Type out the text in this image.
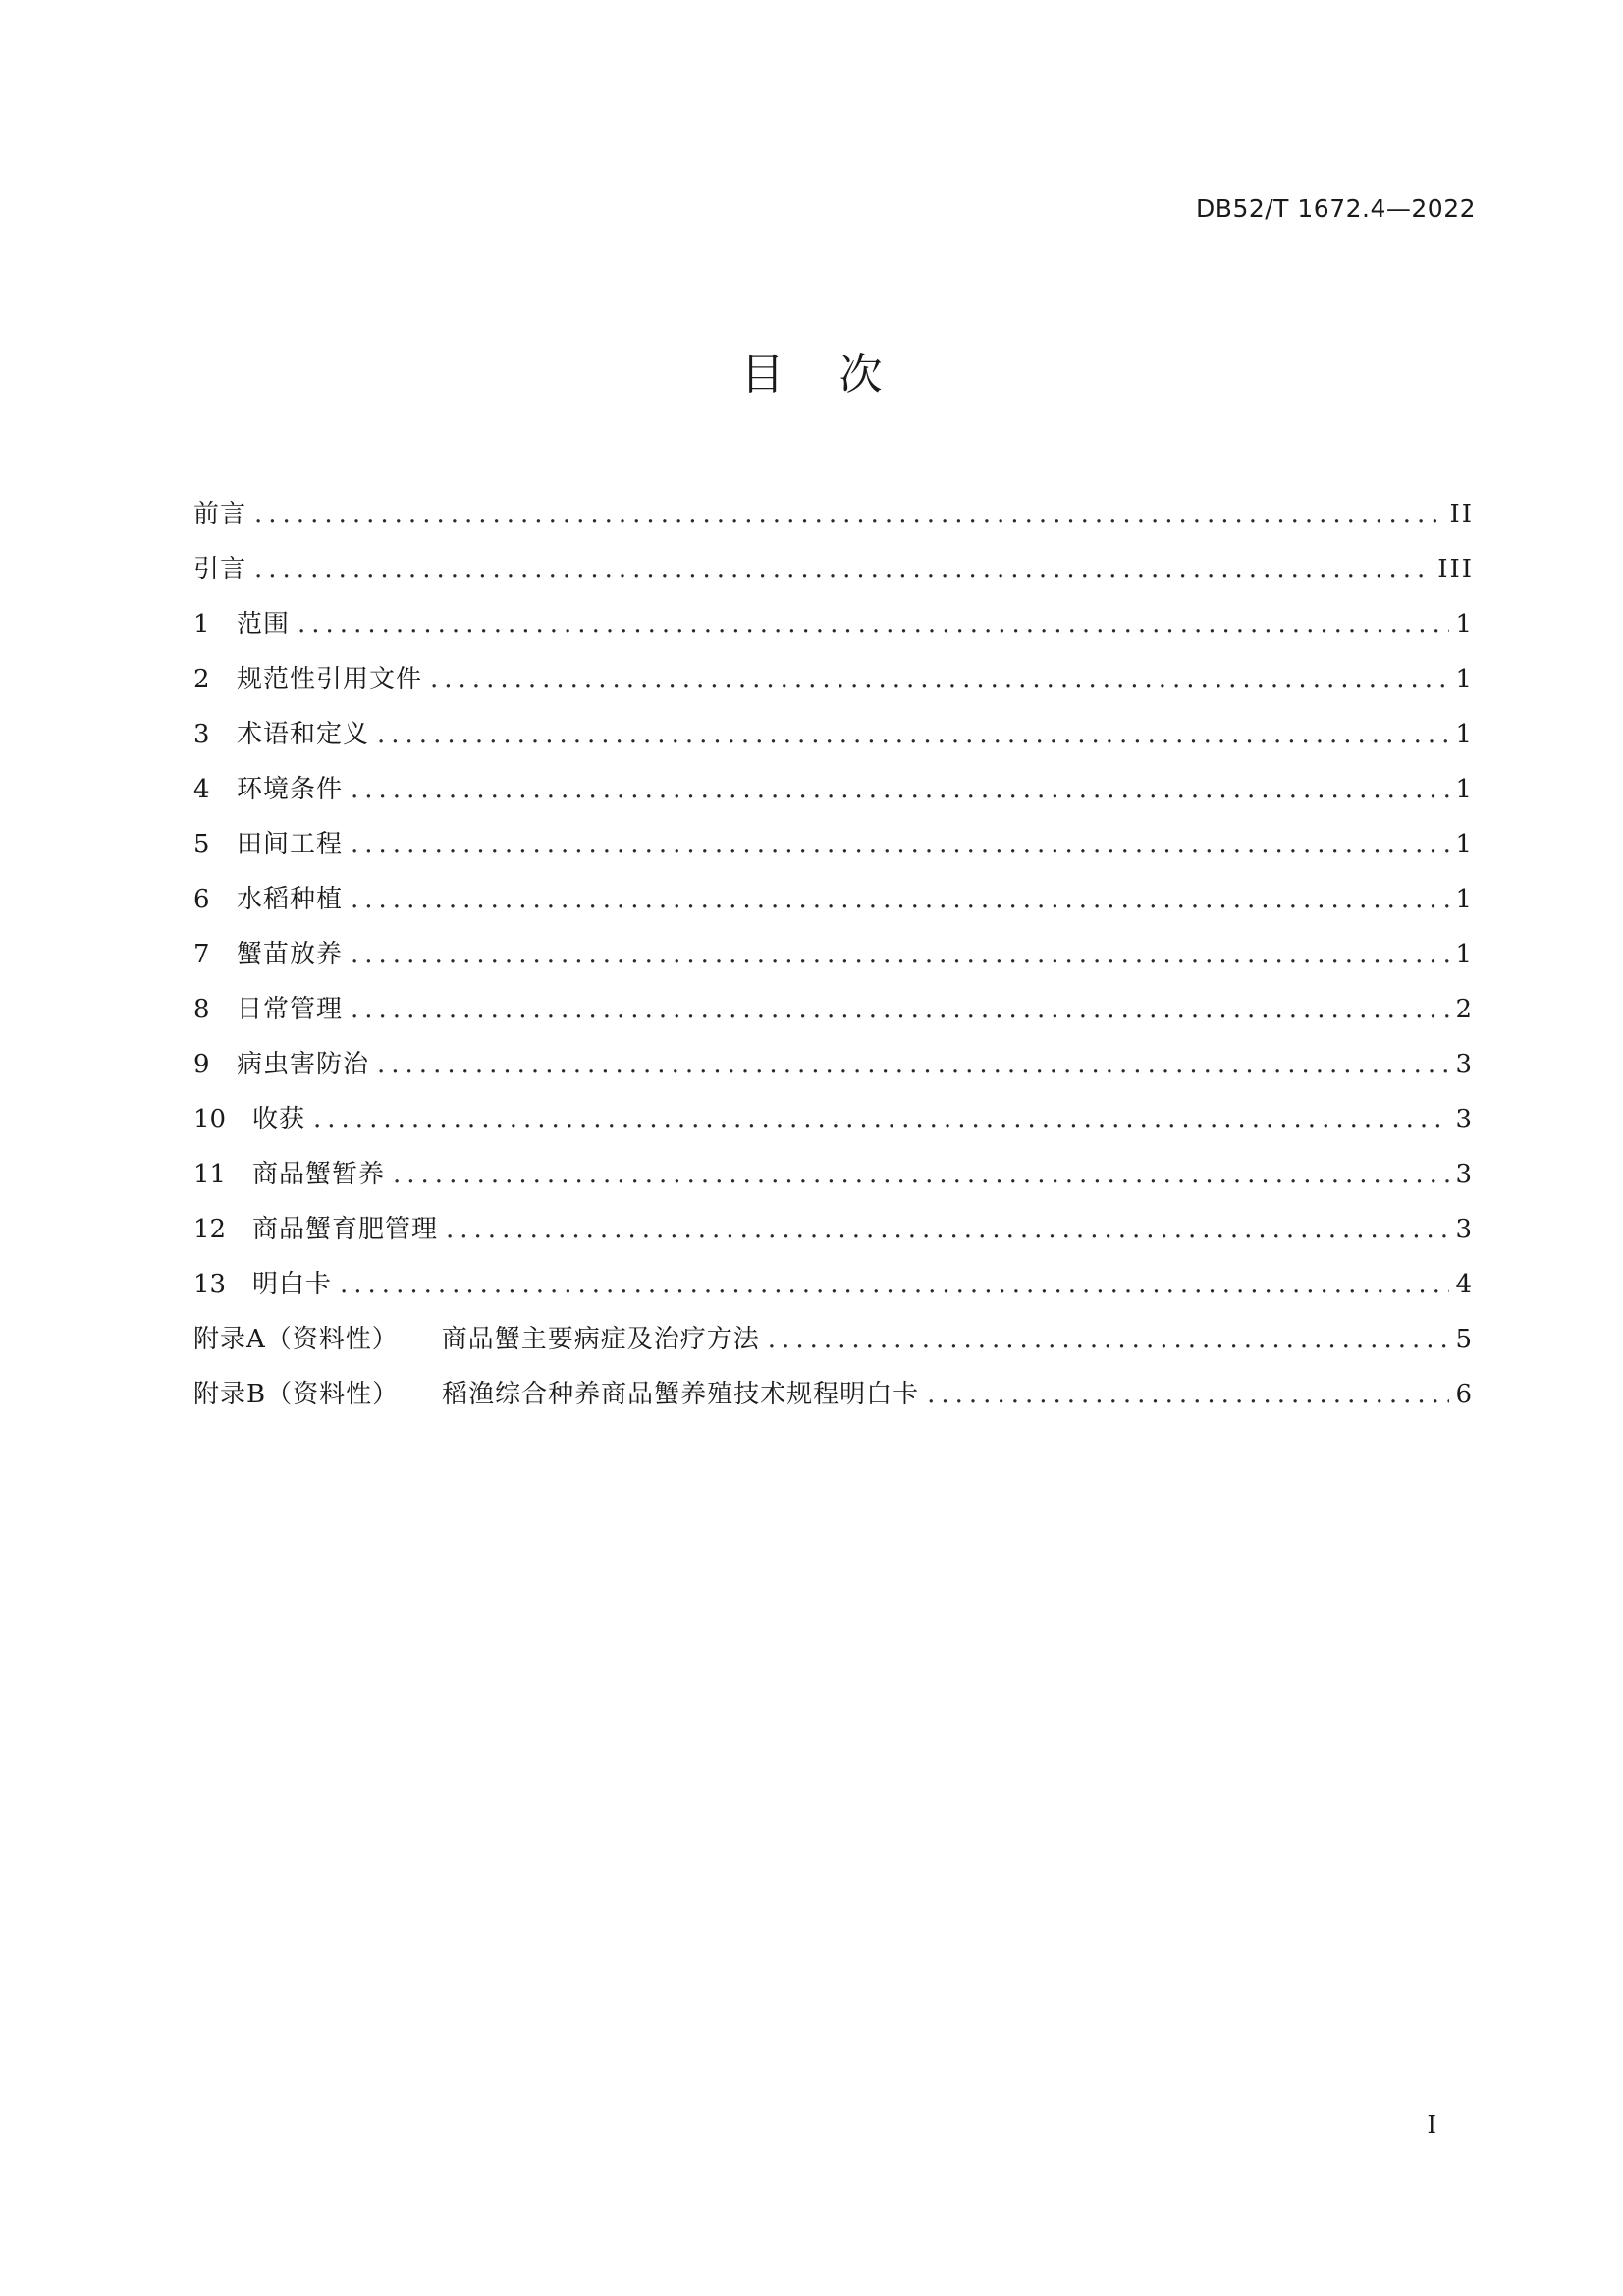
DB52/T 1672.4—2022
目    次
前言 .....	II
引言 .....	III
1	范围 .....	1
2	规范性引用文件 .....	1
3	术语和定义 .....	1
4	环境条件 .....	1
5	田间工程 .....	1
6	水稻种植 .....	1
7	蟹苗放养 .....	1
8	日常管理 .....	2
9	病虫害防治 .....	3
10	收获 .....	3
11	商品蟹暂养 .....	3
12	商品蟹育肥管理 .....	3
13	明白卡 .....	4
附录A（资料性） 商品蟹主要病症及治疗方法 .....	5
附录B（资料性） 稻渔综合种养商品蟹养殖技术规程明白卡 .....	6
I
